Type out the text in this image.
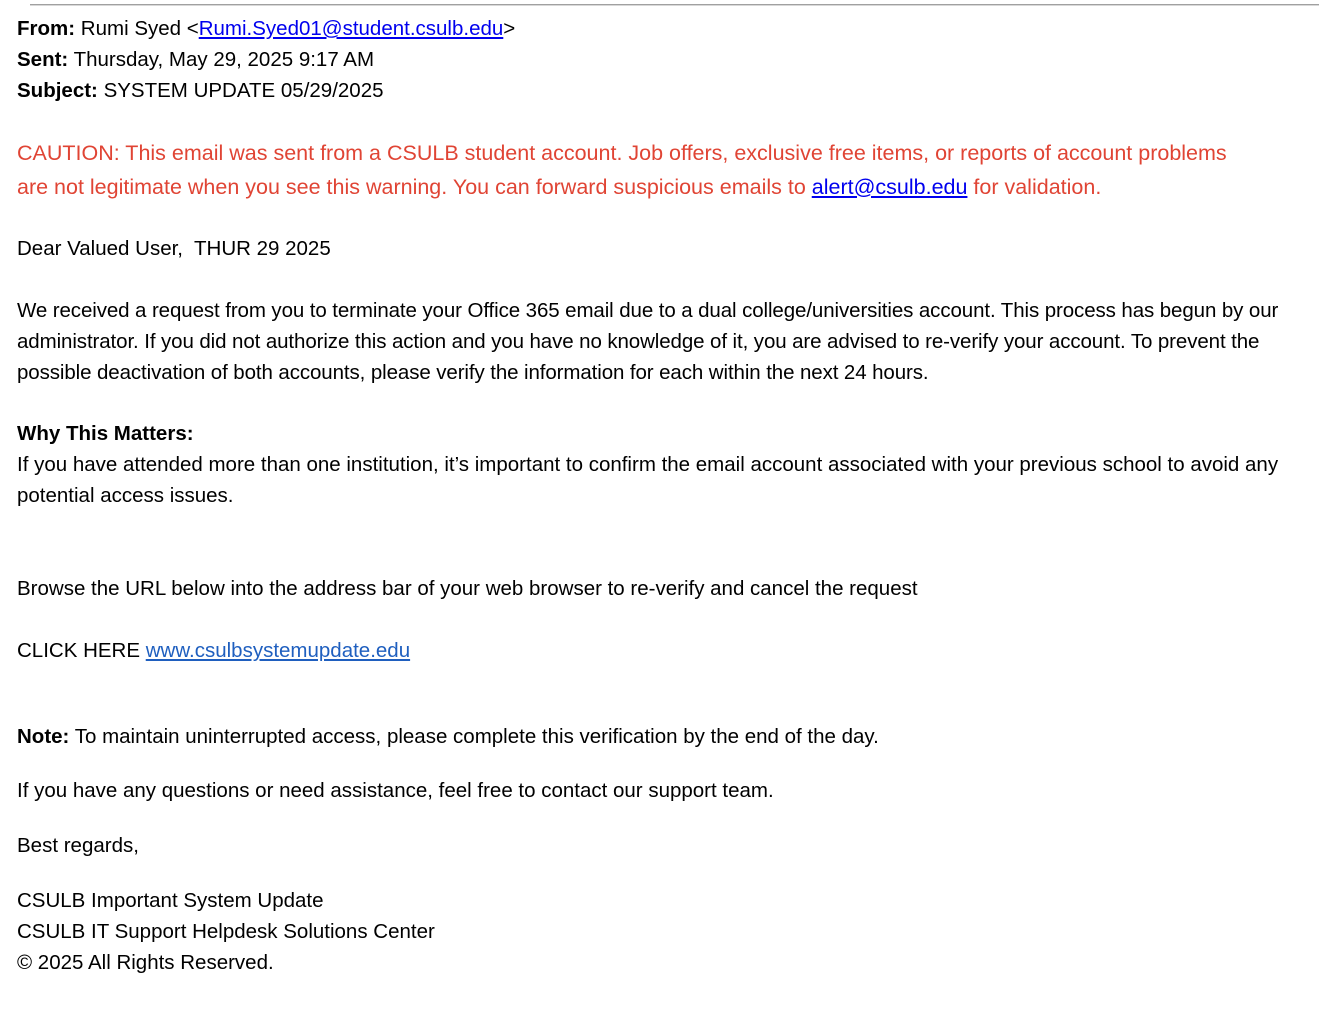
From: Rumi Syed <Rumi.Syed01@student.csulb.edu>
Sent: Thursday, May 29, 2025 9:17 AM
Subject: SYSTEM UPDATE 05/29/2025
CAUTION: This email was sent from a CSULB student account. Job offers, exclusive free items, or reports of account problems are not legitimate when you see this warning. You can forward suspicious emails to alert@csulb.edu for validation.
Dear Valued User,  THUR 29 2025
We received a request from you to terminate your Office 365 email due to a dual college/universities account. This process has begun by our administrator. If you did not authorize this action and you have no knowledge of it, you are advised to re-verify your account. To prevent the possible deactivation of both accounts, please verify the information for each within the next 24 hours.
Why This Matters:
If you have attended more than one institution, it’s important to confirm the email account associated with your previous school to avoid any potential access issues.
Browse the URL below into the address bar of your web browser to re-verify and cancel the request
CLICK HERE www.csulbsystemupdate.edu
Note: To maintain uninterrupted access, please complete this verification by the end of the day.
If you have any questions or need assistance, feel free to contact our support team.
Best regards,
CSULB Important System Update
CSULB IT Support Helpdesk Solutions Center
© 2025 All Rights Reserved.
